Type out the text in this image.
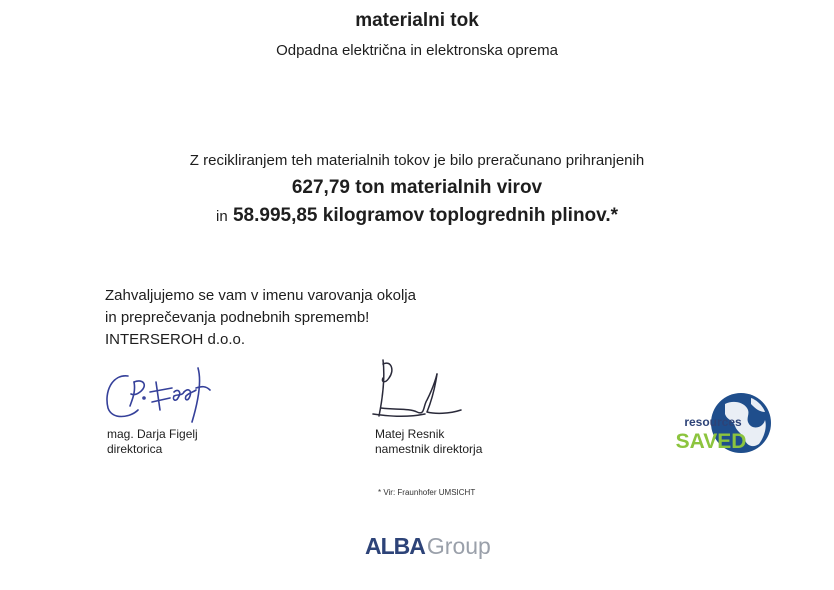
materialni tok
Odpadna električna in elektronska oprema
Z recikliranjem teh materialnih tokov je bilo preračunano prihranjenih
627,79 ton materialnih virov
in 58.995,85 kilogramov toplogrednih plinov.*
Zahvaljujemo se vam v imenu varovanja okolja
in preprečevanja podnebnih sprememb!
INTERSEROH d.o.o.
mag. Darja Figelj
direktorica
Matej Resnik
namestnik direktorja
resources
SAVED
* Vir: Fraunhofer UMSICHT
ALBAGroup
